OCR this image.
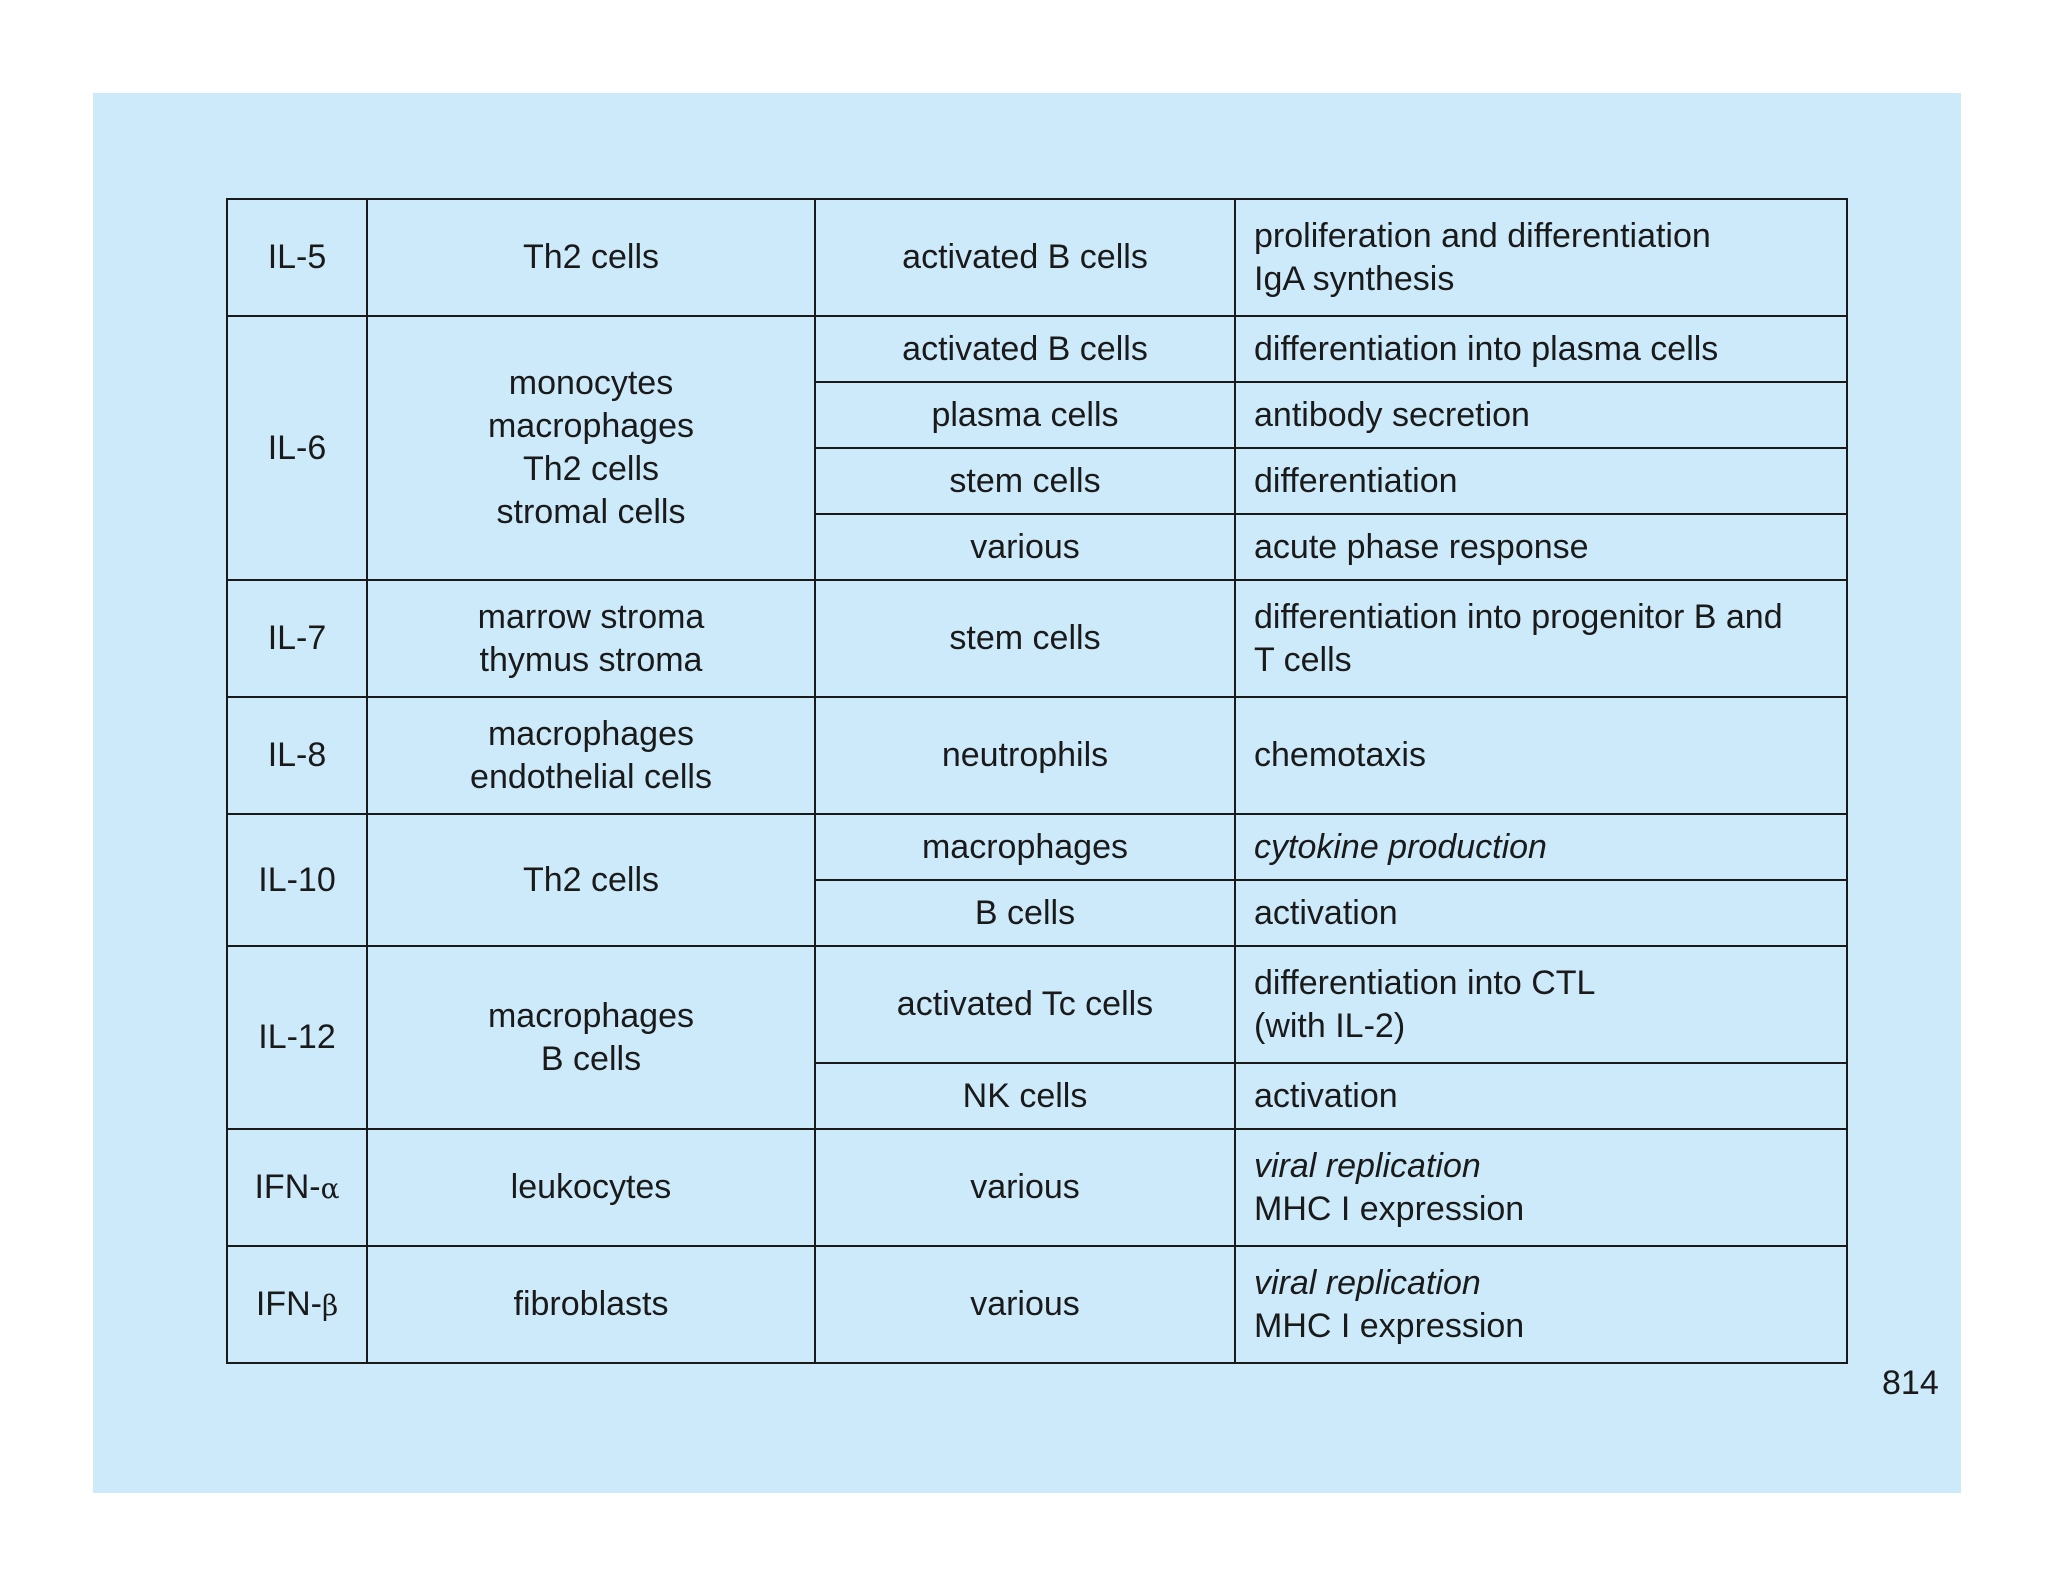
IL-5	Th2 cells	activated B cells	proliferation and differentiation
IgA synthesis

IL-6	monocytes
macrophages
Th2 cells
stromal cells	activated B cells	differentiation into plasma cells
		plasma cells	antibody secretion
		stem cells	differentiation
		various	acute phase response
IL-7	marrow stroma
thymus stroma	stem cells	differentiation into progenitor B and
T cells

IL-8	macrophages
endothelial cells	neutrophils	chemotaxis
IL-10	Th2 cells	macrophages	cytokine production
		B cells	activation
IL-12	macrophages
B cells	activated Tc cells	differentiation into CTL
(with IL-2)

		NK cells	activation
IFN-α	leukocytes	various	viral replication
MHC I expression

IFN-β	fibroblasts	various	viral replication
MHC I expression
814
